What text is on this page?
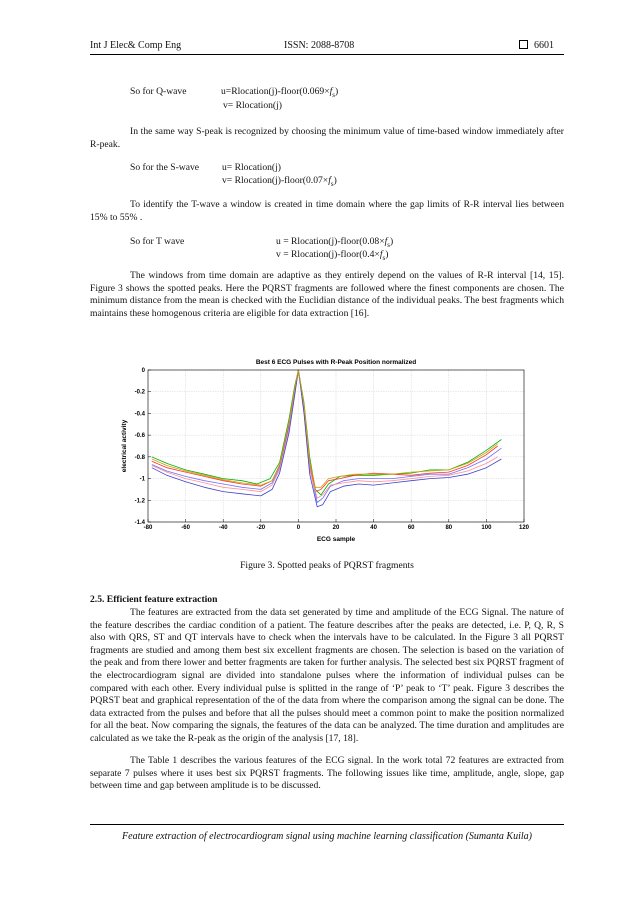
Int J Elec& Comp Eng	ISSN: 2088-8708	6601
So for Q-wave	$u=Rlocation(j)-floor(0.069\times f_s)$
v= Rlocation(j)
In the same way S-peak is recognized by choosing the minimum value of time-based window immediately after R-peak.
So for the S-wave u= Rlocation(j)
$v= Rlocation(j)-floor(0.07\times f_s)$
To identify the T-wave a window is created in time domain where the gap limits of R-R interval lies between 15% to 55% .
So for T wave	$u = Rlocation(j)-floor(0.08\times f_s)$
$v = Rlocation(j)-floor(0.4\times f_s)$
The windows from time domain are adaptive as they entirely depend on the values of R-R interval [14, 15]. Figure 3 shows the spotted peaks. Here the PQRST fragments are followed where the finest components are chosen. The minimum distance from the mean is checked with the Euclidian distance of the individual peaks. The best fragments which maintains these homogenous criteria are eligible for data extraction [16].
Best 6 ECG Pulses with R-Peak Position normalized
-80	-60	-40	-20	0	20	40	60	80	100	120
0
-0.2
-0.4
-0.6
-0.8
-1
-1.2
-1.4
ECG sample
electrical activity
Figure 3. Spotted peaks of PQRST fragments
2.5. Efficient feature extraction
The features are extracted from the data set generated by time and amplitude of the ECG Signal. The nature of the feature describes the cardiac condition of a patient. The feature describes after the peaks are detected, i.e. P, Q, R, S also with QRS, ST and QT intervals have to check when the intervals have to be calculated. In the Figure 3 all PQRST fragments are studied and among them best six excellent fragments are chosen. The selection is based on the variation of the peak and from there lower and better fragments are taken for further analysis. The selected best six PQRST fragment of the electrocardiogram signal are divided into standalone pulses where the information of individual pulses can be compared with each other. Every individual pulse is splitted in the range of ‘P’ peak to ‘T’ peak. Figure 3 describes the PQRST beat and graphical representation of the of the data from where the comparison among the signal can be done. The data extracted from the pulses and before that all the pulses should meet a common point to make the position normalized for all the beat. Now comparing the signals, the features of the data can be analyzed. The time duration and amplitudes are calculated as we take the R-peak as the origin of the analysis [17, 18].
The Table 1 describes the various features of the ECG signal. In the work total 72 features are extracted from separate 7 pulses where it uses best six PQRST fragments. The following issues like time, amplitude, angle, slope, gap between time and gap between amplitude is to be discussed.
Feature extraction of electrocardiogram signal using machine learning classification (Sumanta Kuila)
